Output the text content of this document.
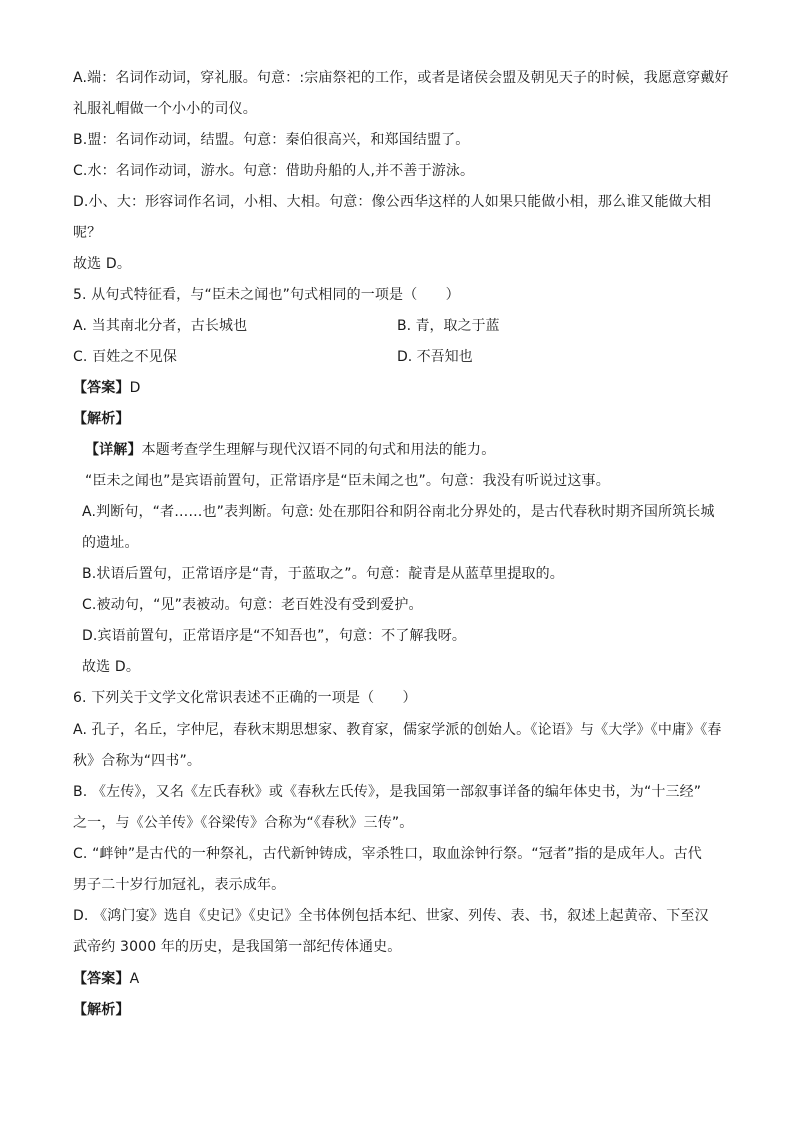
A.端：名词作动词，穿礼服。句意：:宗庙祭祀的工作，或者是诸侯会盟及朝见天子的时候，我愿意穿戴好
礼服礼帽做一个小小的司仪。
B.盟：名词作动词，结盟。句意：秦伯很高兴，和郑国结盟了。
C.水：名词作动词，游水。句意：借助舟船的人,并不善于游泳。
D.小、大：形容词作名词，小相、大相。句意：像公西华这样的人如果只能做小相，那么谁又能做大相
呢？
故选 D。
5. 从句式特征看，与“臣未之闻也”句式相同的一项是（　　）
A. 当其南北分者，古长城也	B. 青，取之于蓝
C. 百姓之不见保	D. 不吾知也
【答案】D
【解析】
【详解】本题考查学生理解与现代汉语不同的句式和用法的能力。
“臣未之闻也”是宾语前置句，正常语序是“臣未闻之也”。句意：我没有听说过这事。
A.判断句，“者……也”表判断。句意: 处在那阳谷和阴谷南北分界处的，是古代春秋时期齐国所筑长城
的遗址。
B.状语后置句，正常语序是“青，于蓝取之”。句意：靛青是从蓝草里提取的。
C.被动句，“见”表被动。句意：老百姓没有受到爱护。
D.宾语前置句，正常语序是“不知吾也”，句意：不了解我呀。
故选 D。
6. 下列关于文学文化常识表述不正确的一项是（　　）
A. 孔子，名丘，字仲尼，春秋末期思想家、教育家，儒家学派的创始人。《论语》与《大学》《中庸》《春
秋》合称为“四书”。
B. 《左传》，又名《左氏春秋》或《春秋左氏传》，是我国第一部叙事详备的编年体史书，为“十三经”
之一，与《公羊传》《谷梁传》合称为“《春秋》三传”。
C. “衅钟”是古代的一种祭礼，古代新钟铸成，宰杀牲口，取血涂钟行祭。“冠者”指的是成年人。古代
男子二十岁行加冠礼，表示成年。
D. 《鸿门宴》选自《史记》《史记》全书体例包括本纪、世家、列传、表、书，叙述上起黄帝、下至汉
武帝约 3000 年的历史，是我国第一部纪传体通史。
【答案】A
【解析】
